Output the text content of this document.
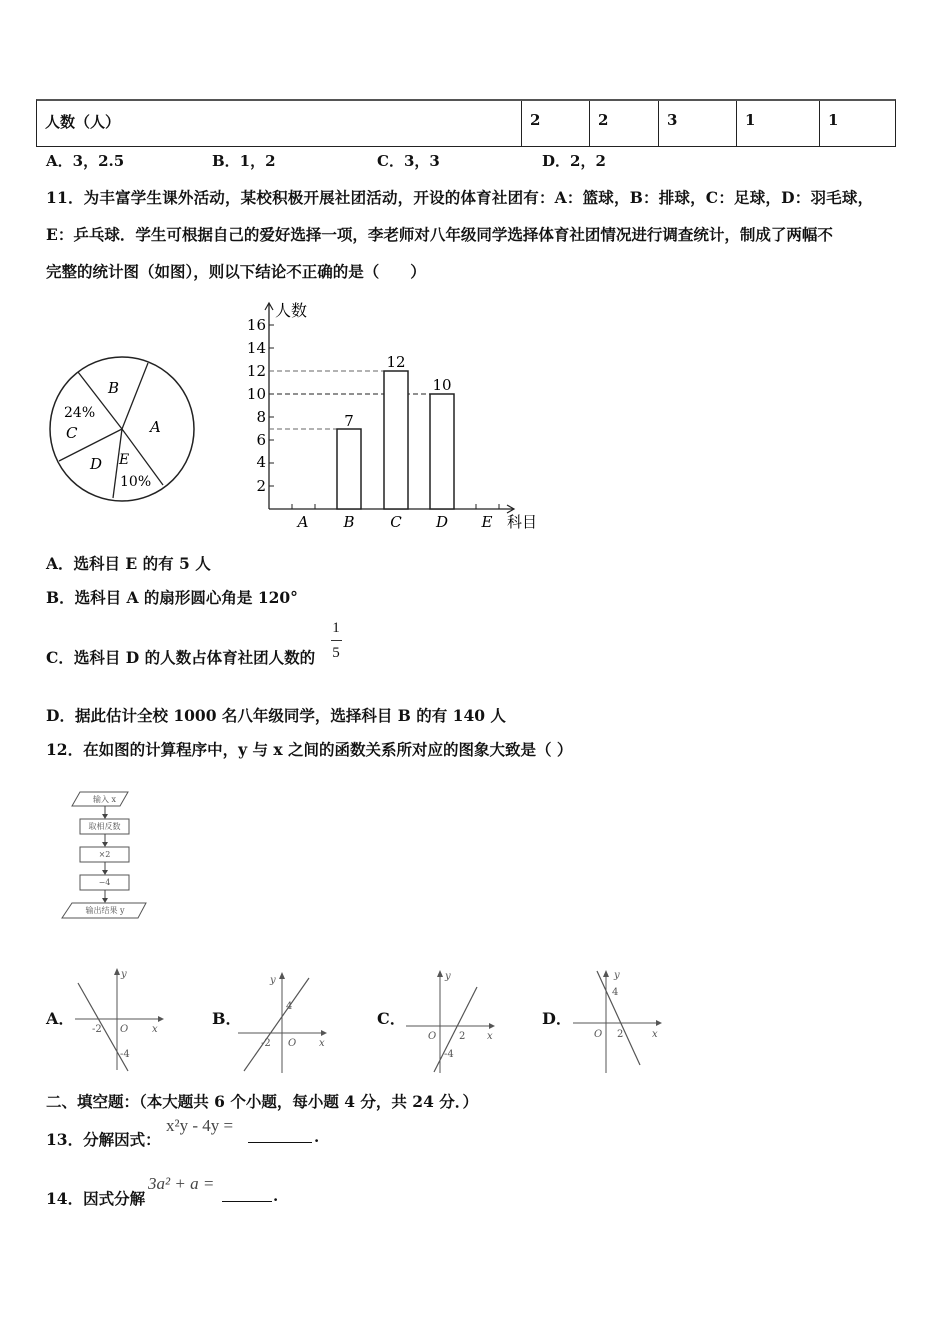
人数（人）	2	2	3	1	1
A．3，2.5	B．1，2	C．3，3	D．2，2
11．为丰富学生课外活动，某校积极开展社团活动，开设的体育社团有：A：篮球，B：排球，C：足球，D：羽毛球，
E：乒乓球．学生可根据自己的爱好选择一项，李老师对八年级同学选择体育社团情况进行调查统计，制成了两幅不
完整的统计图（如图），则以下结论不正确的是（　　）
B
A
24%
C
D E
10%
人数
科目
2
4
6
8
10
12
14
16
7
12
10
A B C D E
A．选科目 E 的有 5 人
B．选科目 A 的扇形圆心角是 120°
C．选科目 D 的人数占体育社团人数的
1
5
D．据此估计全校 1000 名八年级同学，选择科目 B 的有 140 人
12．在如图的计算程序中，y 与 x 之间的函数关系所对应的图象大致是（ ）
输入 x
取相反数
×2
−4
输出结果 y
A．
y
x
O
-2
-4
B．
y
x
O
-2
4
C．
y
x
O 2
-4
D．
y
x
O 2
4
二、填空题：（本大题共 6 个小题，每小题 4 分，共 24 分．）
13．分解因式：
x²y - 4y =
.
14．因式分解
3a² + a =
.
